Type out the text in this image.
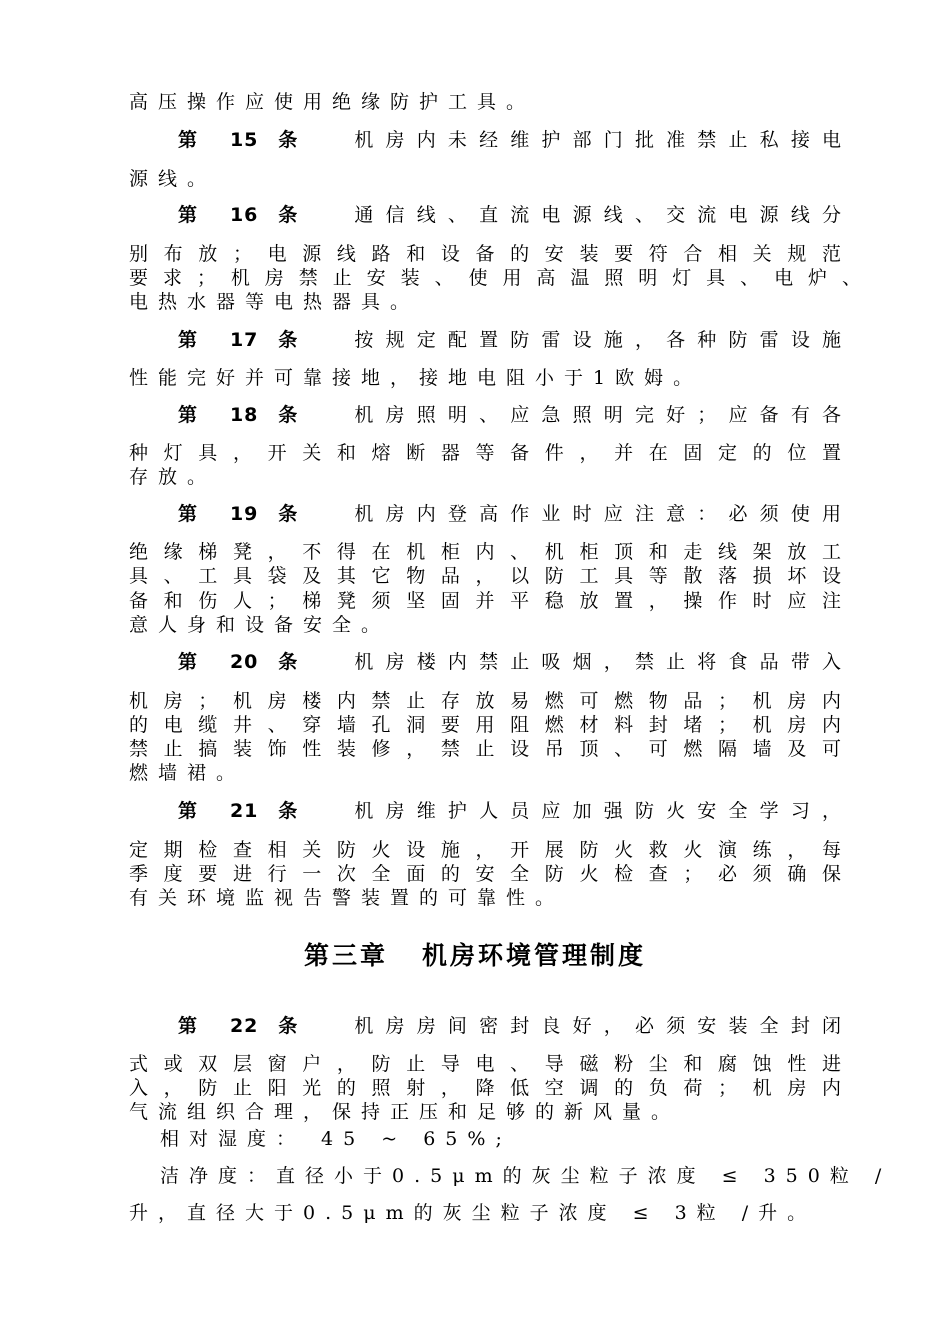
高压操作应使用绝缘防护工具。
第 15 条 机房内未经维护部门批准禁止私接电
源线。
第 16 条 通信线、直流电源线、交流电源线分
别布放；电源线路和设备的安装要符合相关规范
要求；机房禁止安装、使用高温照明灯具、电炉、
电热水器等电热器具。
第 17 条 按规定配置防雷设施，各种防雷设施
性能完好并可靠接地，接地电阻小于1欧姆。
第 18 条 机房照明、应急照明完好；应备有各
种灯具，开关和熔断器等备件，并在固定的位置
存放。
第 19 条 机房内登高作业时应注意：必须使用
绝缘梯凳，不得在机柜内、机柜顶和走线架放工
具、工具袋及其它物品，以防工具等散落损坏设
备和伤人；梯凳须坚固并平稳放置，操作时应注
意人身和设备安全。
第 20 条 机房楼内禁止吸烟，禁止将食品带入
机房；机房楼内禁止存放易燃可燃物品；机房内
的电缆井、穿墙孔洞要用阻燃材料封堵；机房内
禁止搞装饰性装修，禁止设吊顶、可燃隔墙及可
燃墙裙。
第 21 条 机房维护人员应加强防火安全学习，
定期检查相关防火设施，开展防火救火演练，每
季度要进行一次全面的安全防火检查；必须确保
有关环境监视告警装置的可靠性。
第三章 机房环境管理制度
第 22 条 机房房间密封良好，必须安装全封闭
式或双层窗户，防止导电、导磁粉尘和腐蚀性进
入，防止阳光的照射，降低空调的负荷；机房内
气流组织合理，保持正压和足够的新风量。
相对湿度： 45 ~ 65%;
洁净度：直径小于0.5μm的灰尘粒子浓度 ≤ 350粒 /
升，直径大于0.5μm的灰尘粒子浓度 ≤ 3粒 /升。
